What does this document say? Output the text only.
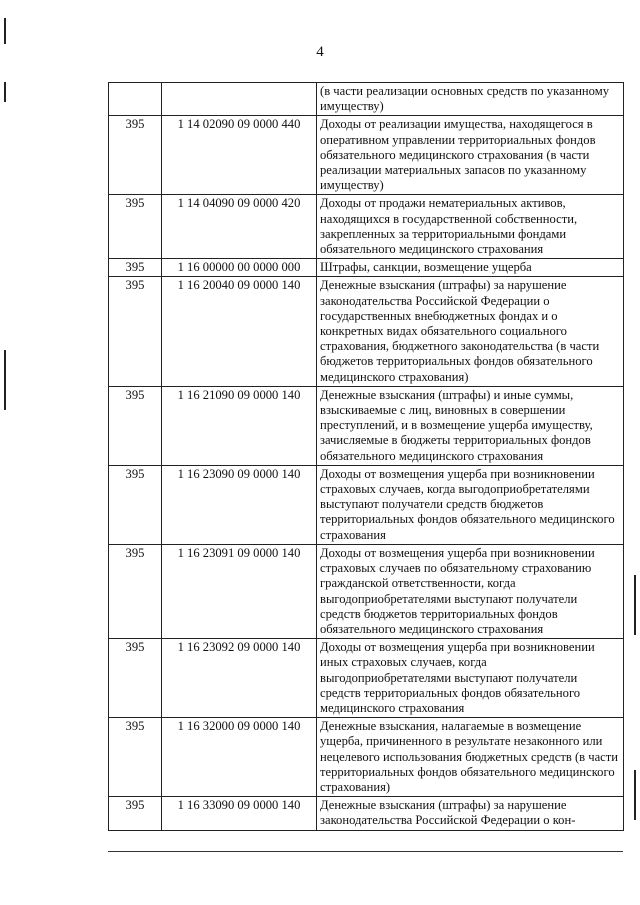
4
		(в части реализации основных средств по указанному имуществу)
395	1 14 02090 09 0000 440	Доходы от реализации имущества, находящегося в оперативном управлении территориальных фондов обязательного медицинского страхования (в части реализации материальных запасов по указанному имуществу)
395	1 14 04090 09 0000 420	Доходы от продажи нематериальных активов, находящихся в государственной собственности, закрепленных за территориальными фондами обязательного медицинского страхования
395	1 16 00000 00 0000 000	Штрафы, санкции, возмещение ущерба
395	1 16 20040 09 0000 140	Денежные взыскания (штрафы) за нарушение законодательства Российской Федерации о государственных внебюджетных фондах и о конкретных видах обязательного социального страхования, бюджетного законодательства (в части бюджетов территориальных фондов обязательного медицинского страхования)
395	1 16 21090 09 0000 140	Денежные взыскания (штрафы) и иные суммы, взыскиваемые с лиц, виновных в совершении преступлений, и в возмещение ущерба имуществу, зачисляемые в бюджеты территориальных фондов обязательного медицинского страхования
395	1 16 23090 09 0000 140	Доходы от возмещения ущерба при возникновении страховых случаев, когда выгодоприобретателями выступают получатели средств бюджетов территориальных фондов обязательного медицинского страхования
395	1 16 23091 09 0000 140	Доходы от возмещения ущерба при возникновении страховых случаев по обязательному страхованию гражданской ответственности, когда выгодоприобретателями выступают получатели средств бюджетов территориальных фондов обязательного медицинского страхования
395	1 16 23092 09 0000 140	Доходы от возмещения ущерба при возникновении иных страховых случаев, когда выгодоприобретателями выступают получатели средств территориальных фондов обязательного медицинского страхования
395	1 16 32000 09 0000 140	Денежные взыскания, налагаемые в возмещение ущерба, причиненного в результате незаконного или нецелевого использования бюджетных средств (в части территориальных фондов обязательного медицинского страхования)
395	1 16 33090 09 0000 140	Денежные взыскания (штрафы) за нарушение законодательства Российской Федерации о кон-
